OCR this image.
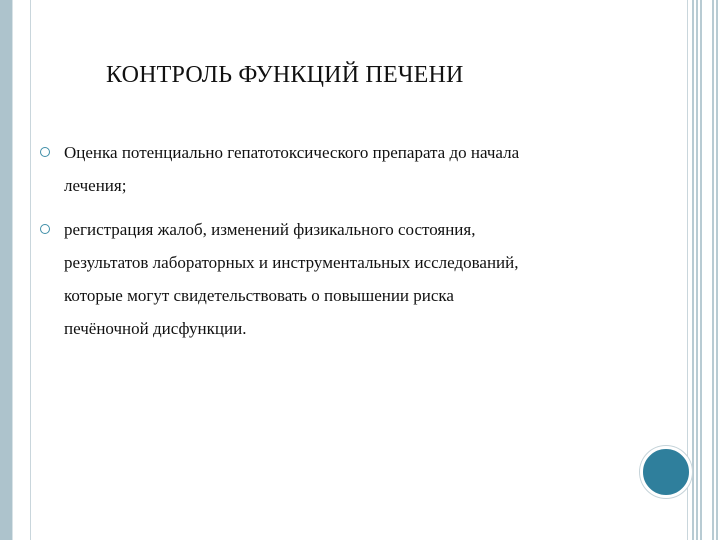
КОНТРОЛЬ ФУНКЦИЙ ПЕЧЕНИ
Оценка потенциально гепатотоксического препарата до начала
лечения;
регистрация жалоб, изменений физикального состояния,
результатов лабораторных и инструментальных исследований,
которые могут свидетельствовать о повышении риска
печёночной дисфункции.
